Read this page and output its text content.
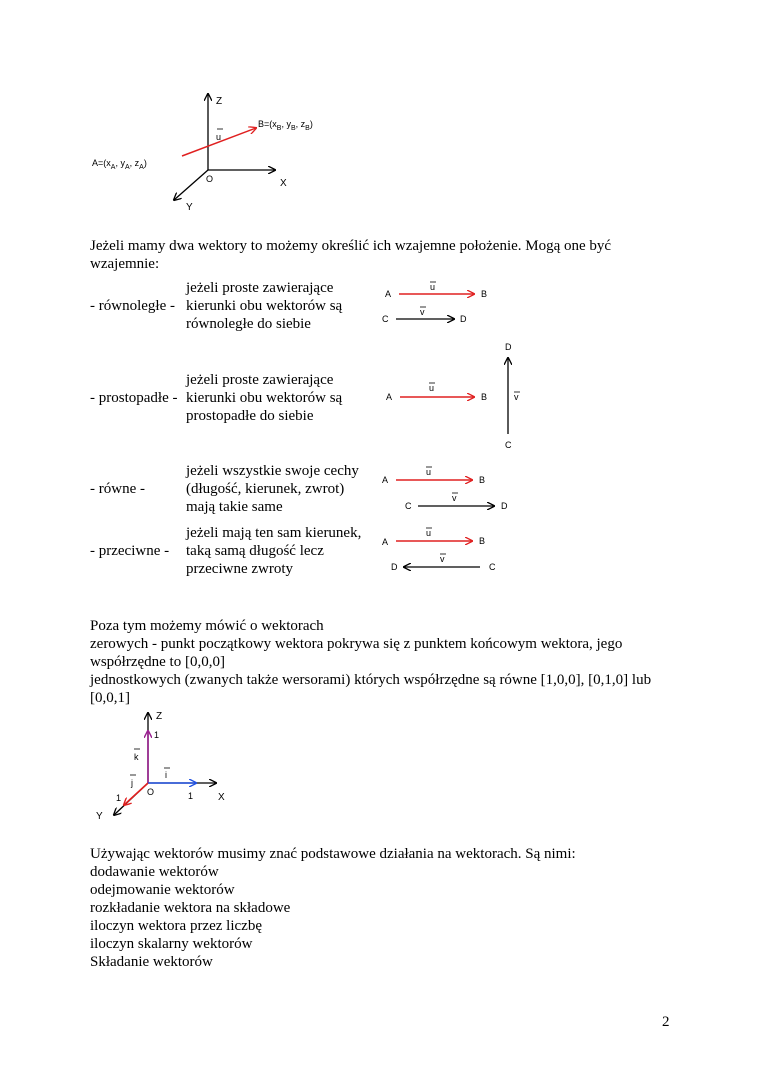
Z
X
Y
O
u
$A=(x_A$, $y_A$, $z_A$)
$B=(x_B$, $y_B$, $z_B$)
Jeżeli mamy dwa wektory to możemy określić ich wzajemne położenie. Mogą one być
wzajemnie:
- równoległe -
jeżeli proste zawierające
kierunki obu wektorów są
równoległe do siebie
A	B
u
C	D
v
- prostopadłe -
jeżeli proste zawierające
kierunki obu wektorów są
prostopadłe do siebie
A	B
u
D
C
v
- równe -
jeżeli wszystkie swoje cechy
(długość, kierunek, zwrot)
mają takie same
A	B
u
C	D
v
- przeciwne -
jeżeli mają ten sam kierunek,
taką samą długość lecz
przeciwne zwroty
A	B
u
D	C
v
Poza tym możemy mówić o wektorach
zerowych - punkt początkowy wektora pokrywa się z punktem końcowym wektora, jego
współrzędne to [0,0,0]
jednostkowych (zwanych także wersorami) których współrzędne są równe [1,0,0], [0,1,0] lub
[0,0,1]
Z
X
Y
O
1
1
1
k
i
j
Używając wektorów musimy znać podstawowe działania na wektorach. Są nimi:
dodawanie wektorów
odejmowanie wektorów
rozkładanie wektora na składowe
iloczyn wektora przez liczbę
iloczyn skalarny wektorów
Składanie wektorów
2
